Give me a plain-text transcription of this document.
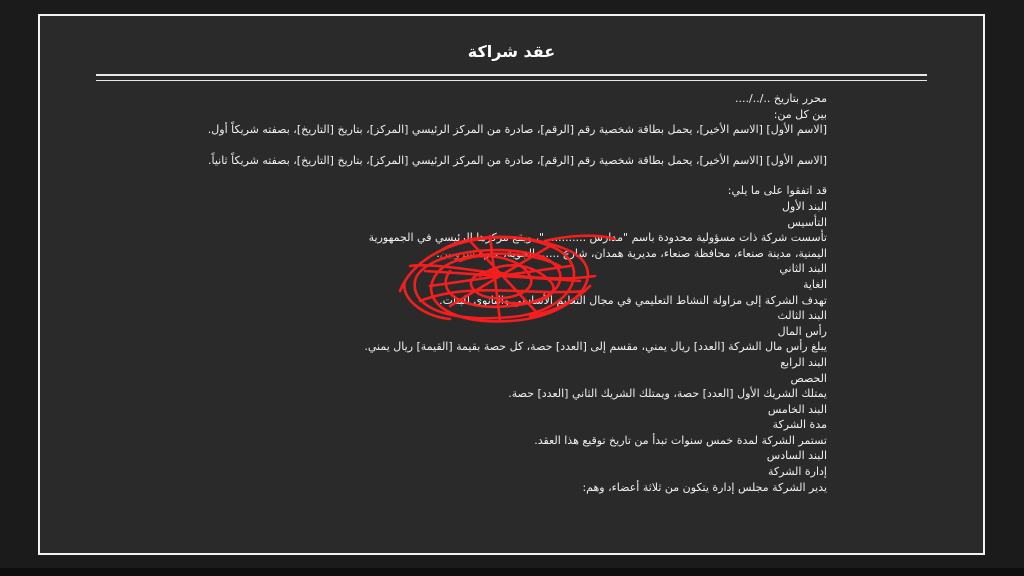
عقد شراكة
محرر بتاريخ ../../....
بين كل من:
[الاسم الأول] [الاسم الأخير]، يحمل بطاقة شخصية رقم [الرقم]، صادرة من المركز الرئيسي [المركز]، بتاريخ [التاريخ]، بصفته شريكاً أول.
[الاسم الأول] [الاسم الأخير]، يحمل بطاقة شخصية رقم [الرقم]، صادرة من المركز الرئيسي [المركز]، بتاريخ [التاريخ]، بصفته شريكاً ثانياً.
قد اتفقوا على ما يلي:
البند الأول
التأسيس
تأسست شركة ذات مسؤولية محدودة باسم "مدارس ............"، ويقع مركزها الرئيسي في الجمهورية
اليمنية، مدينة صنعاء، محافظة صنعاء، مديرية همدان، شارع ...... الجوية، حارة سروبين.
البند الثاني
الغاية
تهدف الشركة إلى مزاولة النشاط التعليمي في مجال التعليم الأساسي والثانوي للبنات.
البند الثالث
رأس المال
يبلغ رأس مال الشركة [العدد] ريال يمني، مقسم إلى [العدد] حصة، كل حصة بقيمة [القيمة] ريال يمني.
البند الرابع
الحصص
يمتلك الشريك الأول [العدد] حصة، ويمتلك الشريك الثاني [العدد] حصة.
البند الخامس
مدة الشركة
تستمر الشركة لمدة خمس سنوات تبدأ من تاريخ توقيع هذا العقد.
البند السادس
إدارة الشركة
يدير الشركة مجلس إدارة يتكون من ثلاثة أعضاء، وهم:
